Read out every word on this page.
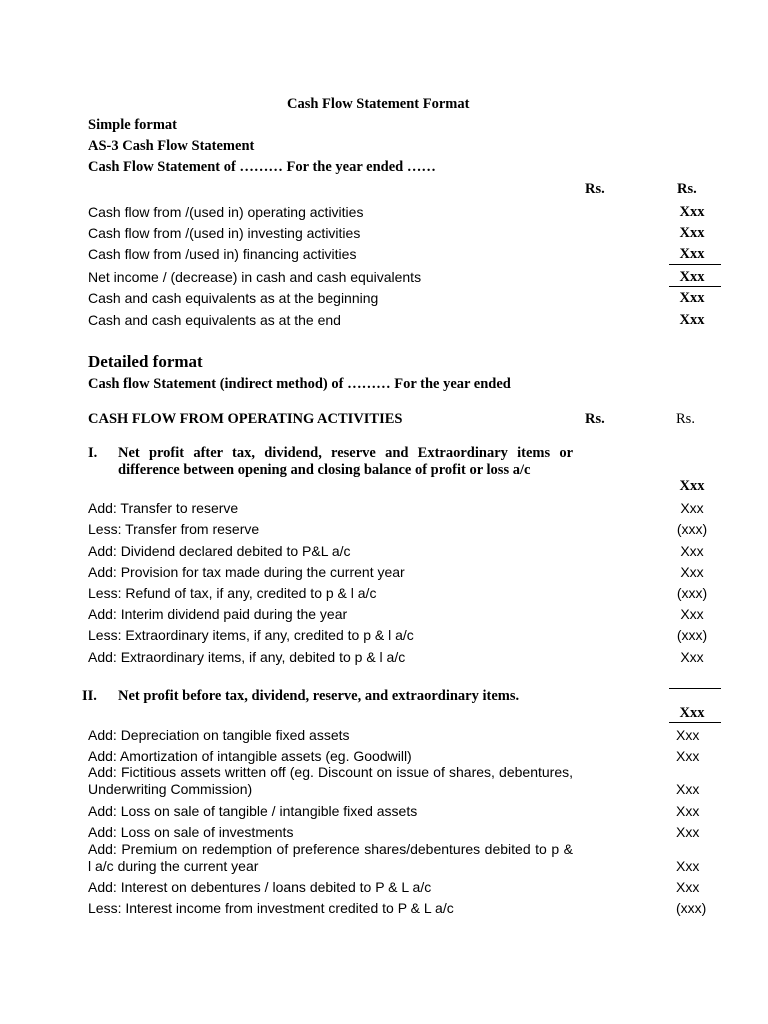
Cash Flow Statement Format
Simple format
AS-3 Cash Flow Statement
Cash Flow Statement of ……… For the year ended ……
Rs.	Rs.
Cash flow from /(used in) operating activities	Xxx
Cash flow from /(used in) investing activities	Xxx
Cash flow from /used in) financing activities	Xxx
Net income / (decrease) in cash and cash equivalents	Xxx
Cash and cash equivalents as at the beginning	Xxx
Cash and cash equivalents as at the end	Xxx
Detailed format
Cash flow Statement (indirect method) of ……… For the year ended
CASH FLOW FROM OPERATING ACTIVITIES	Rs.	Rs.
I. Net profit after tax, dividend, reserve and Extraordinary items or difference between opening and closing balance of profit or loss a/c
Xxx
Add: Transfer to reserve	Xxx
Less: Transfer from reserve	(xxx)
Add: Dividend declared debited to P&L a/c	Xxx
Add: Provision for tax made during the current year	Xxx
Less: Refund of tax, if any, credited to p & l a/c	(xxx)
Add: Interim dividend paid during the year	Xxx
Less: Extraordinary items, if any, credited to p & l a/c	(xxx)
Add: Extraordinary items, if any, debited to p & l a/c	Xxx
II. Net profit before tax, dividend, reserve, and extraordinary items.
Xxx
Add: Depreciation on tangible fixed assets	Xxx
Add: Amortization of intangible assets (eg. Goodwill)	Xxx
Add: Fictitious assets written off (eg. Discount on issue of shares, debentures, Underwriting Commission)	Xxx
Add: Loss on sale of tangible / intangible fixed assets	Xxx
Add: Loss on sale of investments	Xxx
Add: Premium on redemption of preference shares/debentures debited to p & l a/c during the current year	Xxx
Add: Interest on debentures / loans debited to P & L a/c	Xxx
Less: Interest income from investment credited to P & L a/c	(xxx)
